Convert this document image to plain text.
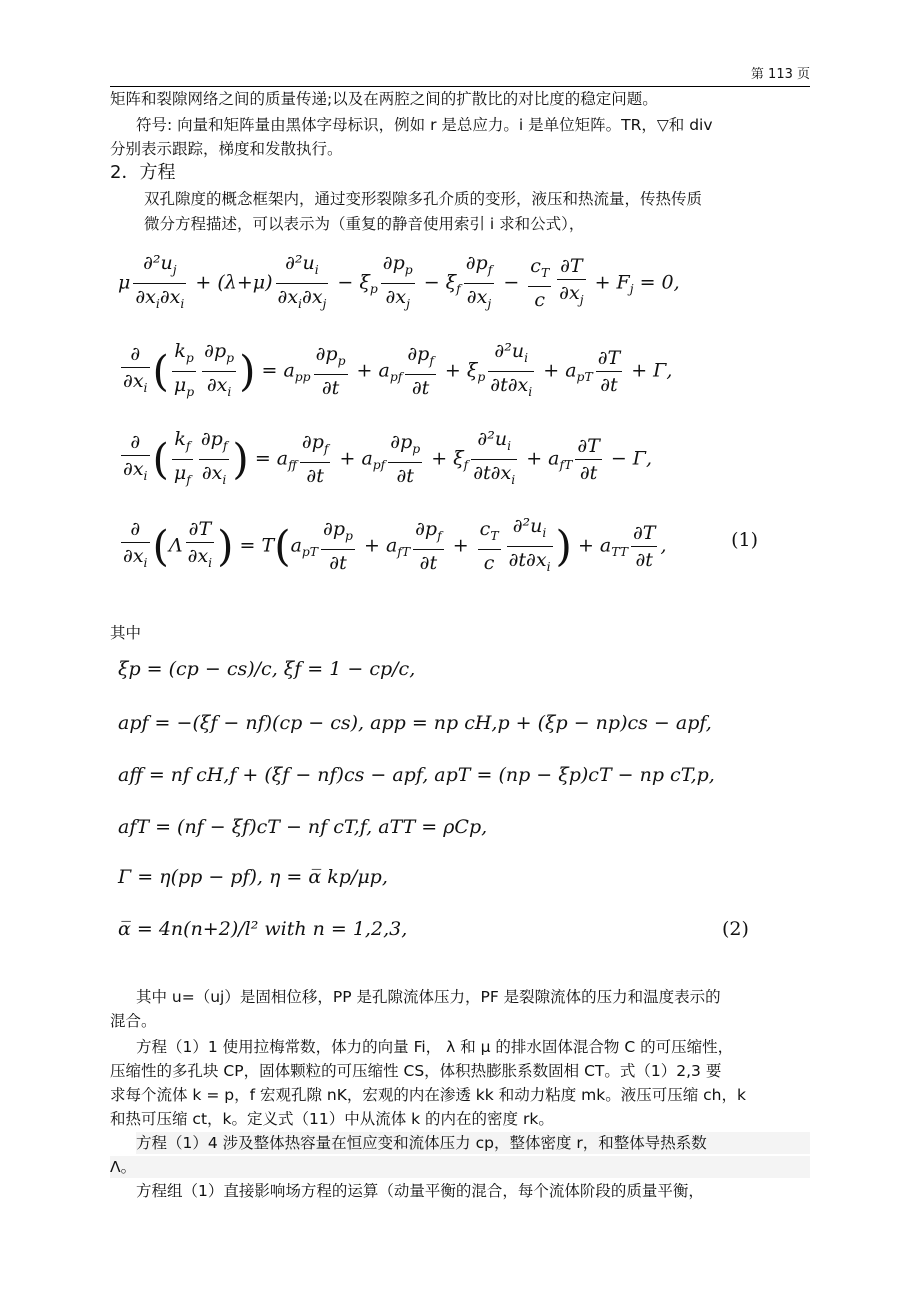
第 113 页
矩阵和裂隙网络之间的质量传递;以及在两腔之间的扩散比的对比度的稳定问题。
符号: 向量和矩阵量由黑体字母标识，例如 r 是总应力。i 是单位矩阵。TR，▽和 div
分别表示跟踪，梯度和发散执行。
2．方程
双孔隙度的概念框架内，通过变形裂隙多孔介质的变形，液压和热流量，传热传质
微分方程描述，可以表示为（重复的静音使用索引 i 求和公式），
μ $\frac{\partial^2u_j}{\partial x_i\partial x_i} + (\lambda+\mu) \frac{\partial^2u_i}{\partial x_i\partial x_j} - \xi_p \frac{\partial p_p}{\partial x_j} - \xi_f \frac{\partial p_f}{\partial x_j} - \frac{c_T}{c} \frac{\partial T}{\partial x_j} + F_j = 0$,
$\frac{\partial}{\partial x_i}$ ( $\frac{k_p}{\mu_p} \frac{\partial p_p}{\partial x_i}$ ) = $a_{pp} \frac{\partial p_p}{\partial t} + a_{pf} \frac{\partial p_f}{\partial t} + \xi_p \frac{\partial^2u_i}{\partial t\partial x_i} + a_{pT} \frac{\partial T}{\partial t} + \Gamma$,
$\frac{\partial}{\partial x_i}$ ( $\frac{k_f}{\mu_f} \frac{\partial p_f}{\partial x_i}$ ) = $a_{ff} \frac{\partial p_f}{\partial t} + a_{pf} \frac{\partial p_p}{\partial t} + \xi_f \frac{\partial^2u_i}{\partial t\partial x_i} + a_{fT} \frac{\partial T}{\partial t} - \Gamma$,
$\frac{\partial}{\partial x_i} (\Lambda \frac{\partial T}{\partial x_i}$ ) = $T(a_{pT} \frac{\partial p_p}{\partial t} + a_{fT} \frac{\partial p_f}{\partial t} + \frac{c_T}{c} \frac{\partial^2u_i}{\partial t\partial x_i}$ ) + $a_{TT} \frac{\partial T}{\partial t}$ ,	(1)
其中
ξp = (cp − cs)/c, ξf = 1 − cp/c,
apf = −(ξf − nf)(cp − cs), app = np cH,p + (ξp − np)cs − apf,
aff = nf cH,f + (ξf − nf)cs − apf, apT = (np − ξp)cT − np cT,p,
afT = (nf − ξf)cT − nf cT,f, aTT = ρCp,
Γ = η(pp − pf), η = α̅ kp/μp,
α̅ = 4n(n+2)/l² with n = 1,2,3,	(2)
其中 u=（uj）是固相位移，PP 是孔隙流体压力，PF 是裂隙流体的压力和温度表示的
混合。
方程（1）1 使用拉梅常数，体力的向量 Fi， λ 和 μ 的排水固体混合物 C 的可压缩性，
压缩性的多孔块 CP，固体颗粒的可压缩性 CS，体积热膨胀系数固相 CT。式（1）2,3 要
求每个流体 k = p，f 宏观孔隙 nK，宏观的内在渗透 kk 和动力粘度 mk。液压可压缩 ch，k
和热可压缩 ct，k。定义式（11）中从流体 k 的内在的密度 rk。
方程（1）4 涉及整体热容量在恒应变和流体压力 cp，整体密度 r，和整体导热系数
Λ。
方程组（1）直接影响场方程的运算（动量平衡的混合，每个流体阶段的质量平衡，
